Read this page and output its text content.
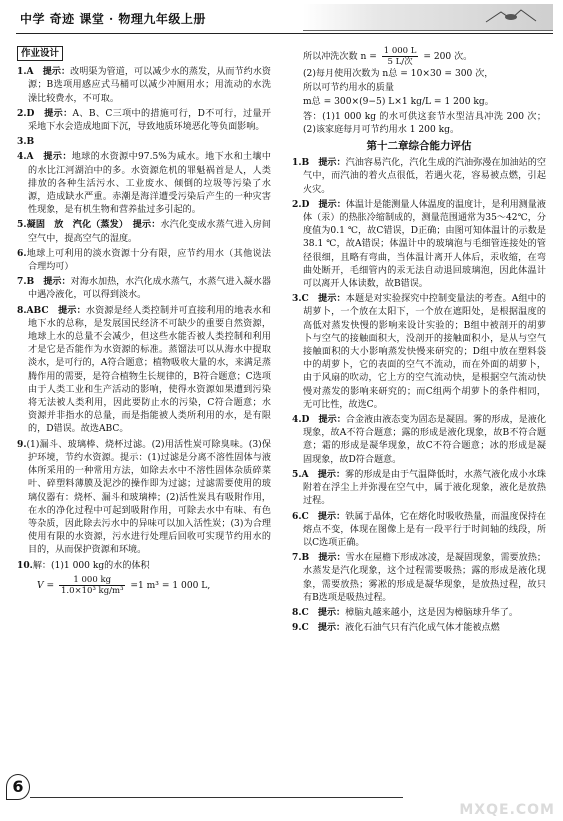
中学 奇迹 课堂 · 物理九年级上册
作业设计

1.A　 提示：改明渠为管道，可以减少水的蒸发，从而节约水资源；B选项用感应式马桶可以减少冲厕用水；用流动的水洗澡比较费水，不可取。

2.D　 提示：A、B、C三项中的措施可行，D不可行，过量开采地下水会造成地面下沉，导致地质环境恶化等负面影响。

3.B

4.A　 提示：地球的水资源中97.5%为咸水。地下水和土壤中的水比江河湖泊中的多。水资源危机的罪魁祸首是人，人类排放的各种生活污水、工业废水、倾倒的垃圾等污染了水源，造成缺水严重。赤潮是海洋遭受污染后产生的一种灾害性现象，是有机生物和营养盐过多引起的。

5.凝固　放　汽化（蒸发）　 提示：水汽化变成水蒸气进入房间空气中，提高空气的湿度。

6.地球上可利用的淡水资源十分有限，应节约用水（其他说法合理均可）

7.B　 提示：对海水加热，水汽化成水蒸气，水蒸气进入凝水器中遇冷液化，可以得到淡水。

8.ABC　 提示：水资源是经人类控制并可直接利用的地表水和地下水的总称，是发展国民经济不可缺少的重要自然资源，地球上水的总量不会减少，但这些水能否被人类控制和利用才是它是否能作为水资源的标准。蒸馏法可以从海水中提取淡水，是可行的，A符合题意；植物吸收大量的水，来满足蒸腾作用的需要，是符合植物生长规律的，B符合题意；C选项由于人类工业和生产活动的影响，使得水资源如果遭到污染将无法被人类利用，因此要防止水的污染，C符合题意；水资源并非指水的总量，而是指能被人类所利用的水，是有限的，D错误。故选ABC。

9.(1)漏斗、玻璃棒、烧杯过滤。(2)用活性炭可除臭味。(3)保护环境，节约水资源。提示：(1)过滤是分离不溶性固体与液体所采用的一种常用方法，如除去水中不溶性固体杂质碎菜叶、碎塑料薄膜及泥沙的操作即为过滤；过滤需要使用的玻璃仪器有：烧杯、漏斗和玻璃棒；(2)活性炭具有吸附作用，在水的净化过程中可起到吸附作用，可除去水中有味、有色等杂质，因此除去污水中的异味可以加入活性炭；(3)为合理使用有限的水资源，污水进行处理后回收可实现节约用水的目的，从而保护资源和环境。

10.解：(1)1 000 kg的水的体积

$V = \frac{1 000 kg}{\text{1.0×10³ kg/m³}} =1$ m³ = 1 000 L,

所以冲洗次数 $n = \frac{1 000 L}{\text{5 L/次}} = 200$ 次。

(2)每月使用次数为 n总 = 10×30 = 300 次，

所以可节约用水的质量

m总 = 300×(9−5) L×1 kg/L = 1 200 kg。

答：(1)1 000 kg 的水可供这套节水型洁具冲洗 200 次；(2)该家庭每月可节约用水 1 200 kg。

第十二章综合能力评估

1.B　 提示：汽油容易汽化，汽化生成的汽油弥漫在加油站的空气中，而汽油的着火点很低，若遇火花，容易被点燃，引起火灾。

2.D　 提示：体温计是能测量人体温度的温度计，是利用测量液体（汞）的热胀冷缩制成的，测量范围通常为35～42℃，分度值为0.1 ℃，故C错误，D正确；由图可知体温计的示数是38.1 ℃，故A错误；体温计中的玻璃泡与毛细管连接处的管径很细，且略有弯曲，当体温计离开人体后，汞收缩，在弯曲处断开，毛细管内的汞无法自动退回玻璃泡，因此体温计可以离开人体读数，故B错误。

3.C　 提示：本题是对实验探究中控制变量法的考查。A组中的胡萝卜，一个放在太阳下，一个放在遮阳处，是根据温度的高低对蒸发快慢的影响来设计实验的；B组中被剖开的胡萝卜与空气的接触面积大，没剖开的接触面积小，是从与空气接触面积的大小影响蒸发快慢来研究的；D组中放在塑料袋中的胡萝卜，它的表面的空气不流动，而在外面的胡萝卜，由于风扇的吹动，它上方的空气流动快，是根据空气流动快慢对蒸发的影响来研究的；而C组两个胡萝卜的条件相同，无可比性，故选C。

4.D　 提示：合金液由液态变为固态是凝固。雾的形成，是液化现象，故A不符合题意；露的形成是液化现象，故B不符合题意；霜的形成是凝华现象，故C不符合题意；冰的形成是凝固现象，故D符合题意。

5.A　 提示：雾的形成是由于气温降低时，水蒸气液化成小水珠附着在浮尘上并弥漫在空气中，属于液化现象，液化是放热过程。

6.C　 提示：铁属于晶体，它在熔化时吸收热量，而温度保持在熔点不变，体现在图像上是有一段平行于时间轴的线段，所以C选项正确。

7.B　 提示：雪水在屋檐下形成冰凌，是凝固现象，需要放热；水蒸发是汽化现象，这个过程需要吸热；露的形成是液化现象，需要放热；雾凇的形成是凝华现象，是放热过程，故只有B选项是吸热过程。

8.C　 提示：樟脑丸越来越小，这是因为樟脑球升华了。

9.C　 提示：液化石油气只有汽化成气体才能被点燃

6
MXQE.COM
